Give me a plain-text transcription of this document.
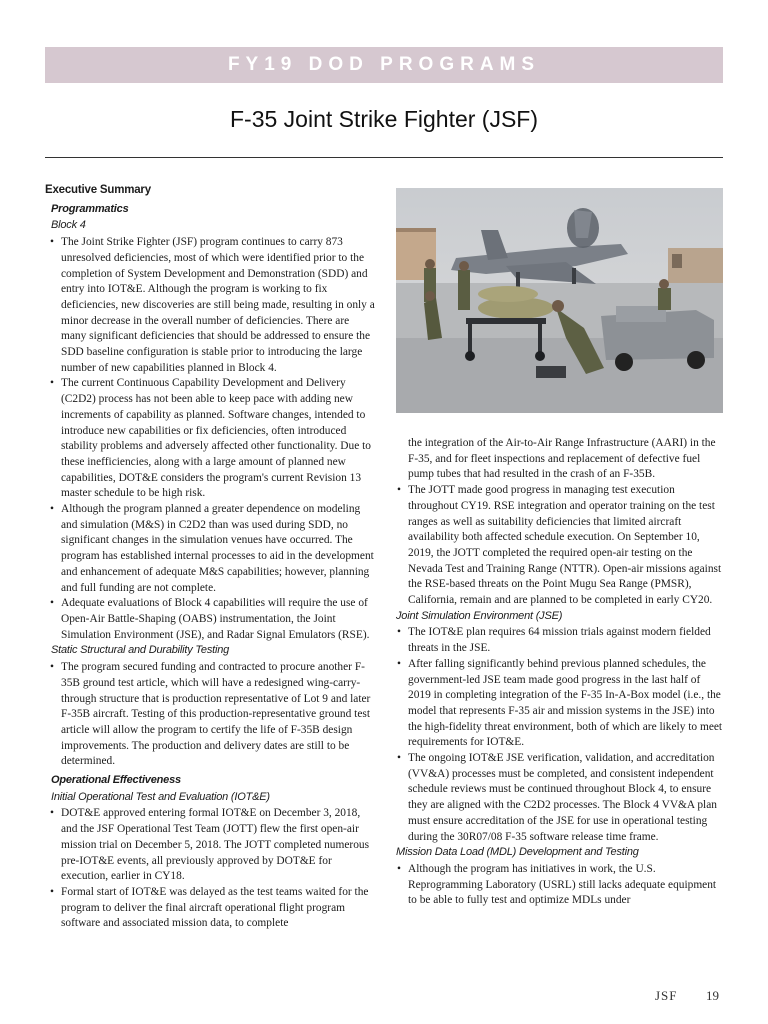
FY19 DOD PROGRAMS
F-35 Joint Strike Fighter (JSF)
Executive Summary
Programmatics
Block 4
• The Joint Strike Fighter (JSF) program continues to carry 873 unresolved deficiencies, most of which were identified prior to the completion of System Development and Demonstration (SDD) and entry into IOT&E. Although the program is working to fix deficiencies, new discoveries are still being made, resulting in only a minor decrease in the overall number of deficiencies. There are many significant deficiencies that should be addressed to ensure the SDD baseline configuration is stable prior to introducing the large number of new capabilities planned in Block 4.
• The current Continuous Capability Development and Delivery (C2D2) process has not been able to keep pace with adding new increments of capability as planned. Software changes, intended to introduce new capabilities or fix deficiencies, often introduced stability problems and adversely affected other functionality. Due to these inefficiencies, along with a large amount of planned new capabilities, DOT&E considers the program's current Revision 13 master schedule to be high risk.
• Although the program planned a greater dependence on modeling and simulation (M&S) in C2D2 than was used during SDD, no significant changes in the simulation venues have occurred. The program has established internal processes to aid in the development and enhancement of adequate M&S capabilities; however, planning and full funding are not complete.
• Adequate evaluations of Block 4 capabilities will require the use of Open-Air Battle-Shaping (OABS) instrumentation, the Joint Simulation Environment (JSE), and Radar Signal Emulators (RSE).
Static Structural and Durability Testing
• The program secured funding and contracted to procure another F-35B ground test article, which will have a redesigned wing-carry-through structure that is production representative of Lot 9 and later F-35B aircraft. Testing of this production-representative ground test article will allow the program to certify the life of F-35B design improvements. The production and delivery dates are still to be determined.
Operational Effectiveness
Initial Operational Test and Evaluation (IOT&E)
• DOT&E approved entering formal IOT&E on December 3, 2018, and the JSF Operational Test Team (JOTT) flew the first open-air mission trial on December 5, 2018. The JOTT completed numerous pre-IOT&E events, all previously approved by DOT&E for execution, earlier in CY18.
• Formal start of IOT&E was delayed as the test teams waited for the program to deliver the final aircraft operational flight program software and associated mission data, to complete
the integration of the Air-to-Air Range Infrastructure (AARI) in the F-35, and for fleet inspections and replacement of defective fuel pump tubes that had resulted in the crash of an F-35B.
• The JOTT made good progress in managing test execution throughout CY19. RSE integration and operator training on the test ranges as well as suitability deficiencies that limited aircraft availability both affected schedule execution. On September 10, 2019, the JOTT completed the required open-air testing on the Nevada Test and Training Range (NTTR). Open-air missions against the RSE-based threats on the Point Mugu Sea Range (PMSR), California, remain and are planned to be completed in early CY20.
Joint Simulation Environment (JSE)
• The IOT&E plan requires 64 mission trials against modern fielded threats in the JSE.
• After falling significantly behind previous planned schedules, the government-led JSE team made good progress in the last half of 2019 in completing integration of the F-35 In-A-Box model (i.e., the model that represents F-35 air and mission systems in the JSE) into the high-fidelity threat environment, both of which are likely to meet requirements for IOT&E.
• The ongoing IOT&E JSE verification, validation, and accreditation (VV&A) processes must be completed, and consistent independent schedule reviews must be continued throughout Block 4, to ensure they are aligned with the C2D2 processes. The Block 4 VV&A plan must ensure accreditation of the JSE for use in operational testing during the 30R07/08 F-35 software release time frame.
Mission Data Load (MDL) Development and Testing
• Although the program has initiatives in work, the U.S. Reprogramming Laboratory (USRL) still lacks adequate equipment to be able to fully test and optimize MDLs under
JSF 19
